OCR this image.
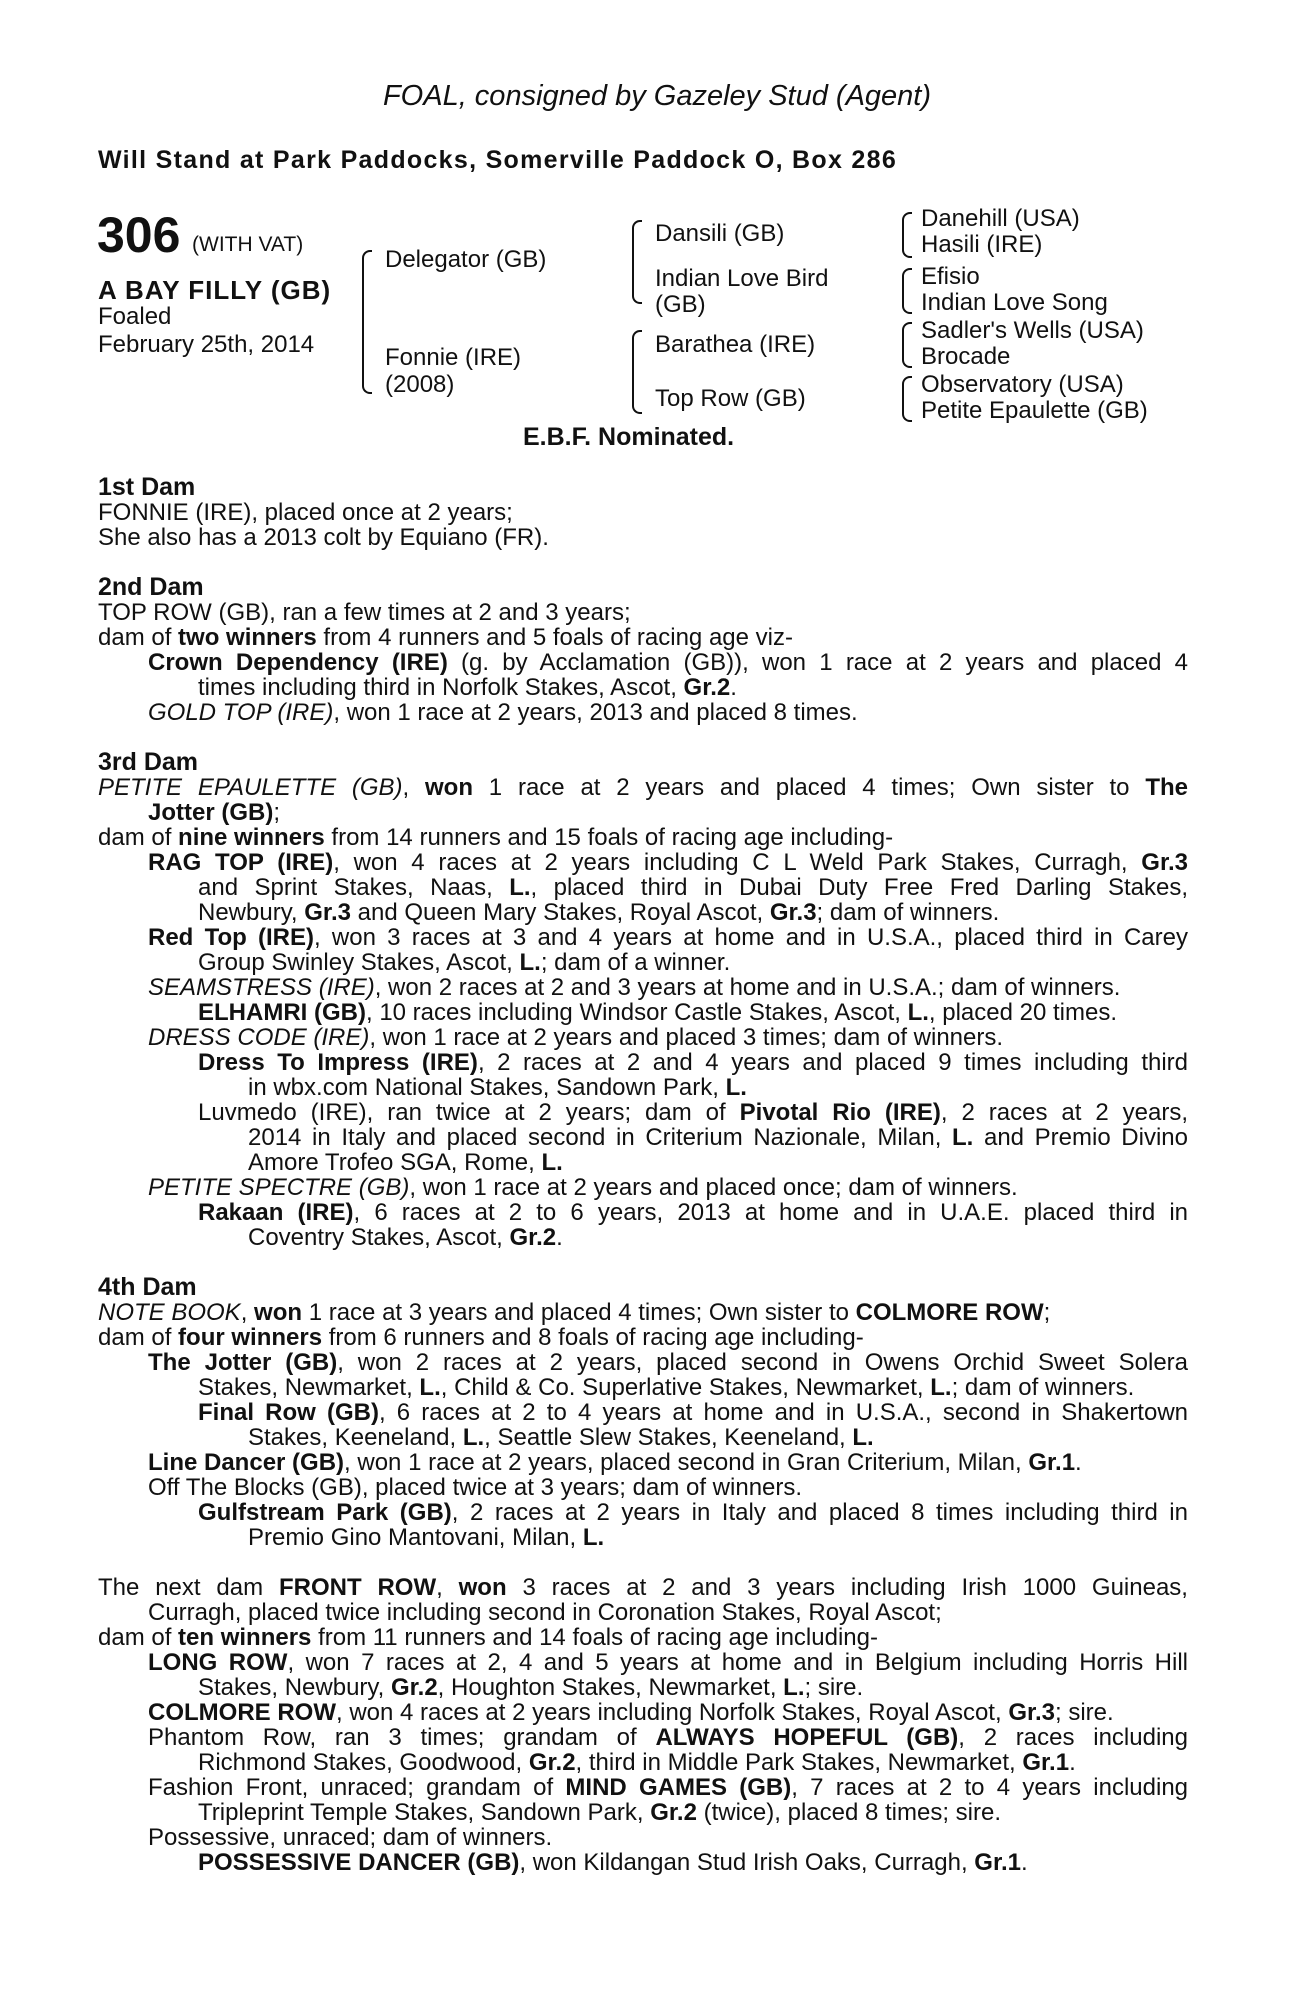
FOAL, consigned by Gazeley Stud (Agent)
Will Stand at Park Paddocks, Somerville Paddock O, Box 286
306 (WITH VAT)
A BAY FILLY (GB)
Foaled
February 25th, 2014
Delegator (GB)
Fonnie (IRE)
(2008)
Dansili (GB)
Indian Love Bird
(GB)
Barathea (IRE)
Top Row (GB)
Danehill (USA)
Hasili (IRE)
Efisio
Indian Love Song
Sadler's Wells (USA)
Brocade
Observatory (USA)
Petite Epaulette (GB)
E.B.F. Nominated.
1st Dam
FONNIE (IRE), placed once at 2 years;
She also has a 2013 colt by Equiano (FR).
2nd Dam
TOP ROW (GB), ran a few times at 2 and 3 years;
dam of two winners from 4 runners and 5 foals of racing age viz-
Crown Dependency (IRE) (g. by Acclamation (GB)), won 1 race at 2 years and placed 4
times including third in Norfolk Stakes, Ascot, Gr.2.
GOLD TOP (IRE), won 1 race at 2 years, 2013 and placed 8 times.
3rd Dam
PETITE EPAULETTE (GB), won 1 race at 2 years and placed 4 times; Own sister to The
Jotter (GB);
dam of nine winners from 14 runners and 15 foals of racing age including-
RAG TOP (IRE), won 4 races at 2 years including C L Weld Park Stakes, Curragh, Gr.3
and Sprint Stakes, Naas, L., placed third in Dubai Duty Free Fred Darling Stakes,
Newbury, Gr.3 and Queen Mary Stakes, Royal Ascot, Gr.3; dam of winners.
Red Top (IRE), won 3 races at 3 and 4 years at home and in U.S.A., placed third in Carey
Group Swinley Stakes, Ascot, L.; dam of a winner.
SEAMSTRESS (IRE), won 2 races at 2 and 3 years at home and in U.S.A.; dam of winners.
ELHAMRI (GB), 10 races including Windsor Castle Stakes, Ascot, L., placed 20 times.
DRESS CODE (IRE), won 1 race at 2 years and placed 3 times; dam of winners.
Dress To Impress (IRE), 2 races at 2 and 4 years and placed 9 times including third
in wbx.com National Stakes, Sandown Park, L.
Luvmedo (IRE), ran twice at 2 years; dam of Pivotal Rio (IRE), 2 races at 2 years,
2014 in Italy and placed second in Criterium Nazionale, Milan, L. and Premio Divino
Amore Trofeo SGA, Rome, L.
PETITE SPECTRE (GB), won 1 race at 2 years and placed once; dam of winners.
Rakaan (IRE), 6 races at 2 to 6 years, 2013 at home and in U.A.E. placed third in
Coventry Stakes, Ascot, Gr.2.
4th Dam
NOTE BOOK, won 1 race at 3 years and placed 4 times; Own sister to COLMORE ROW;
dam of four winners from 6 runners and 8 foals of racing age including-
The Jotter (GB), won 2 races at 2 years, placed second in Owens Orchid Sweet Solera
Stakes, Newmarket, L., Child & Co. Superlative Stakes, Newmarket, L.; dam of winners.
Final Row (GB), 6 races at 2 to 4 years at home and in U.S.A., second in Shakertown
Stakes, Keeneland, L., Seattle Slew Stakes, Keeneland, L.
Line Dancer (GB), won 1 race at 2 years, placed second in Gran Criterium, Milan, Gr.1.
Off The Blocks (GB), placed twice at 3 years; dam of winners.
Gulfstream Park (GB), 2 races at 2 years in Italy and placed 8 times including third in
Premio Gino Mantovani, Milan, L.
The next dam FRONT ROW, won 3 races at 2 and 3 years including Irish 1000 Guineas,
Curragh, placed twice including second in Coronation Stakes, Royal Ascot;
dam of ten winners from 11 runners and 14 foals of racing age including-
LONG ROW, won 7 races at 2, 4 and 5 years at home and in Belgium including Horris Hill
Stakes, Newbury, Gr.2, Houghton Stakes, Newmarket, L.; sire.
COLMORE ROW, won 4 races at 2 years including Norfolk Stakes, Royal Ascot, Gr.3; sire.
Phantom Row, ran 3 times; grandam of ALWAYS HOPEFUL (GB), 2 races including
Richmond Stakes, Goodwood, Gr.2, third in Middle Park Stakes, Newmarket, Gr.1.
Fashion Front, unraced; grandam of MIND GAMES (GB), 7 races at 2 to 4 years including
Tripleprint Temple Stakes, Sandown Park, Gr.2 (twice), placed 8 times; sire.
Possessive, unraced; dam of winners.
POSSESSIVE DANCER (GB), won Kildangan Stud Irish Oaks, Curragh, Gr.1.
